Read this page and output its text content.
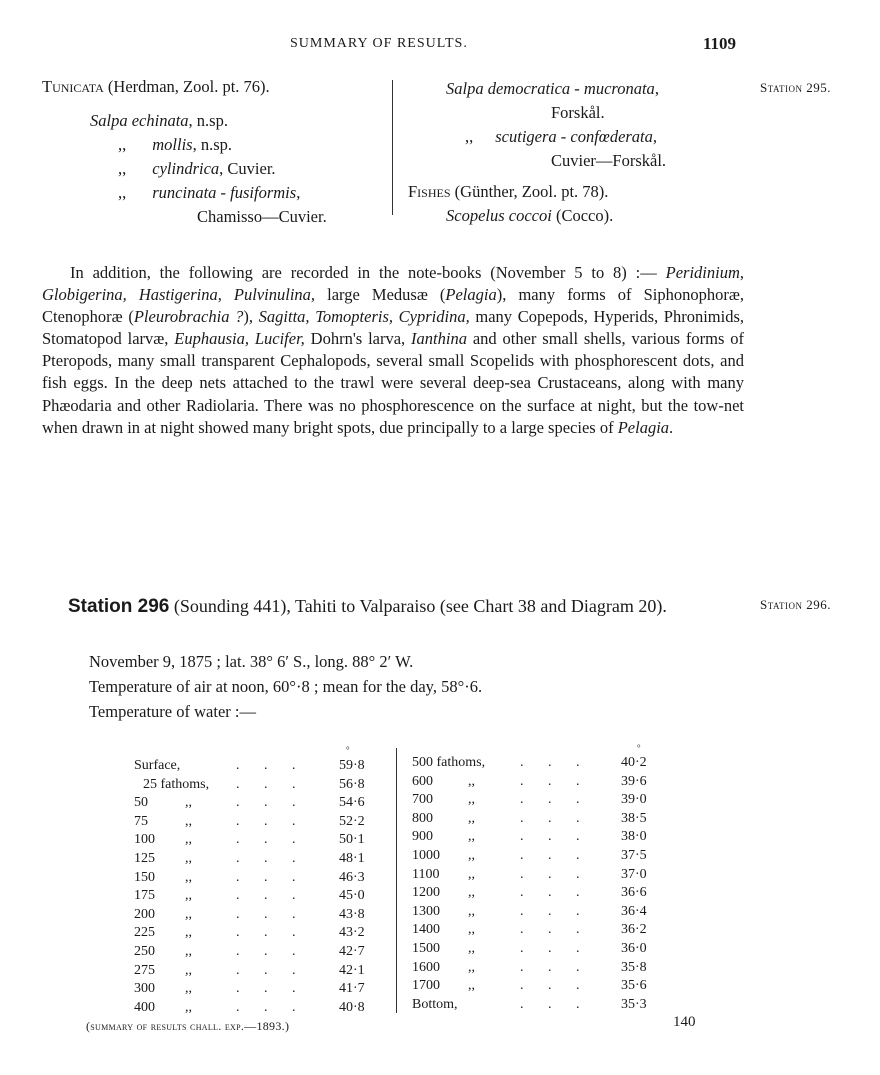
SUMMARY OF RESULTS.	1109
Tunicata (Herdman, Zool. pt. 76).
Salpa echinata, n.sp.
,, mollis, n.sp.
,, cylindrica, Cuvier.
,, runcinata - fusiformis,
Chamisso—Cuvier.
Salpa democratica - mucronata,
Forskål.
,, scutigera - confœderata,
Cuvier—Forskål.
Fishes (Günther, Zool. pt. 78).
Scopelus coccoi (Cocco).
Station 295.
Station 296.

In addition, the following are recorded in the note-books (November 5 to 8) :— Peridinium, Globigerina, Hastigerina, Pulvinulina, large Medusæ (Pelagia), many forms of Siphonophoræ, Ctenophoræ (Pleurobrachia ?), Sagitta, Tomopteris, Cypridina, many Copepods, Hyperids, Phronimids, Stomatopod larvæ, Euphausia, Lucifer, Dohrn's larva, Ianthina and other small shells, various forms of Pteropods, many small transparent Cephalopods, several small Scopelids with phosphorescent dots, and fish eggs. In the deep nets attached to the trawl were several deep-sea Crustaceans, along with many Phæodaria and other Radiolaria. There was no phosphorescence on the surface at night, but the tow-net when drawn in at night showed many bright spots, due principally to a large species of Pelagia.

Station 296 (Sounding 441), Tahiti to Valparaiso (see Chart 38 and Diagram 20).
November 9, 1875 ; lat. 38° 6′ S., long. 88° 2′ W.
Temperature of air at noon, 60°·8 ; mean for the day, 58°·6.
Temperature of water :—
°	°
Surface,	.       .       .	59·8
25 fathoms, .       .       .	56·8
50	,,	.       .       .	54·6
75	,,	.       .       .	52·2
100 ,,	.       .       .	50·1
125 ,,	.       .       .	48·1
150 ,,	.       .       .	46·3
175 ,,	.       .       .	45·0
200 ,,	.       .       .	43·8
225 ,,	.       .       .	43·2
250 ,,	.       .       .	42·7
275 ,,	.       .       .	42·1
300 ,,	.       .       .	41·7
400 ,,	.       .       .	40·8
500 fathoms, .       .       .	40·2
600	,,	.       .       .	39·6
700	,,	.       .       .	39·0
800	,,	.       .       .	38·5
900	,,	.       .       .	38·0
1000 ,,	.       .       .	37·5
1100 ,,	.       .       .	37·0
1200 ,,	.       .       .	36·6
1300 ,,	.       .       .	36·4
1400 ,,	.       .       .	36·2
1500 ,,	.       .       .	36·0
1600 ,,	.       .       .	35·8
1700 ,,	.       .       .	35·6
Bottom,	.       .       .	35·3
(summary of results chall. exp.—1893.)	140
